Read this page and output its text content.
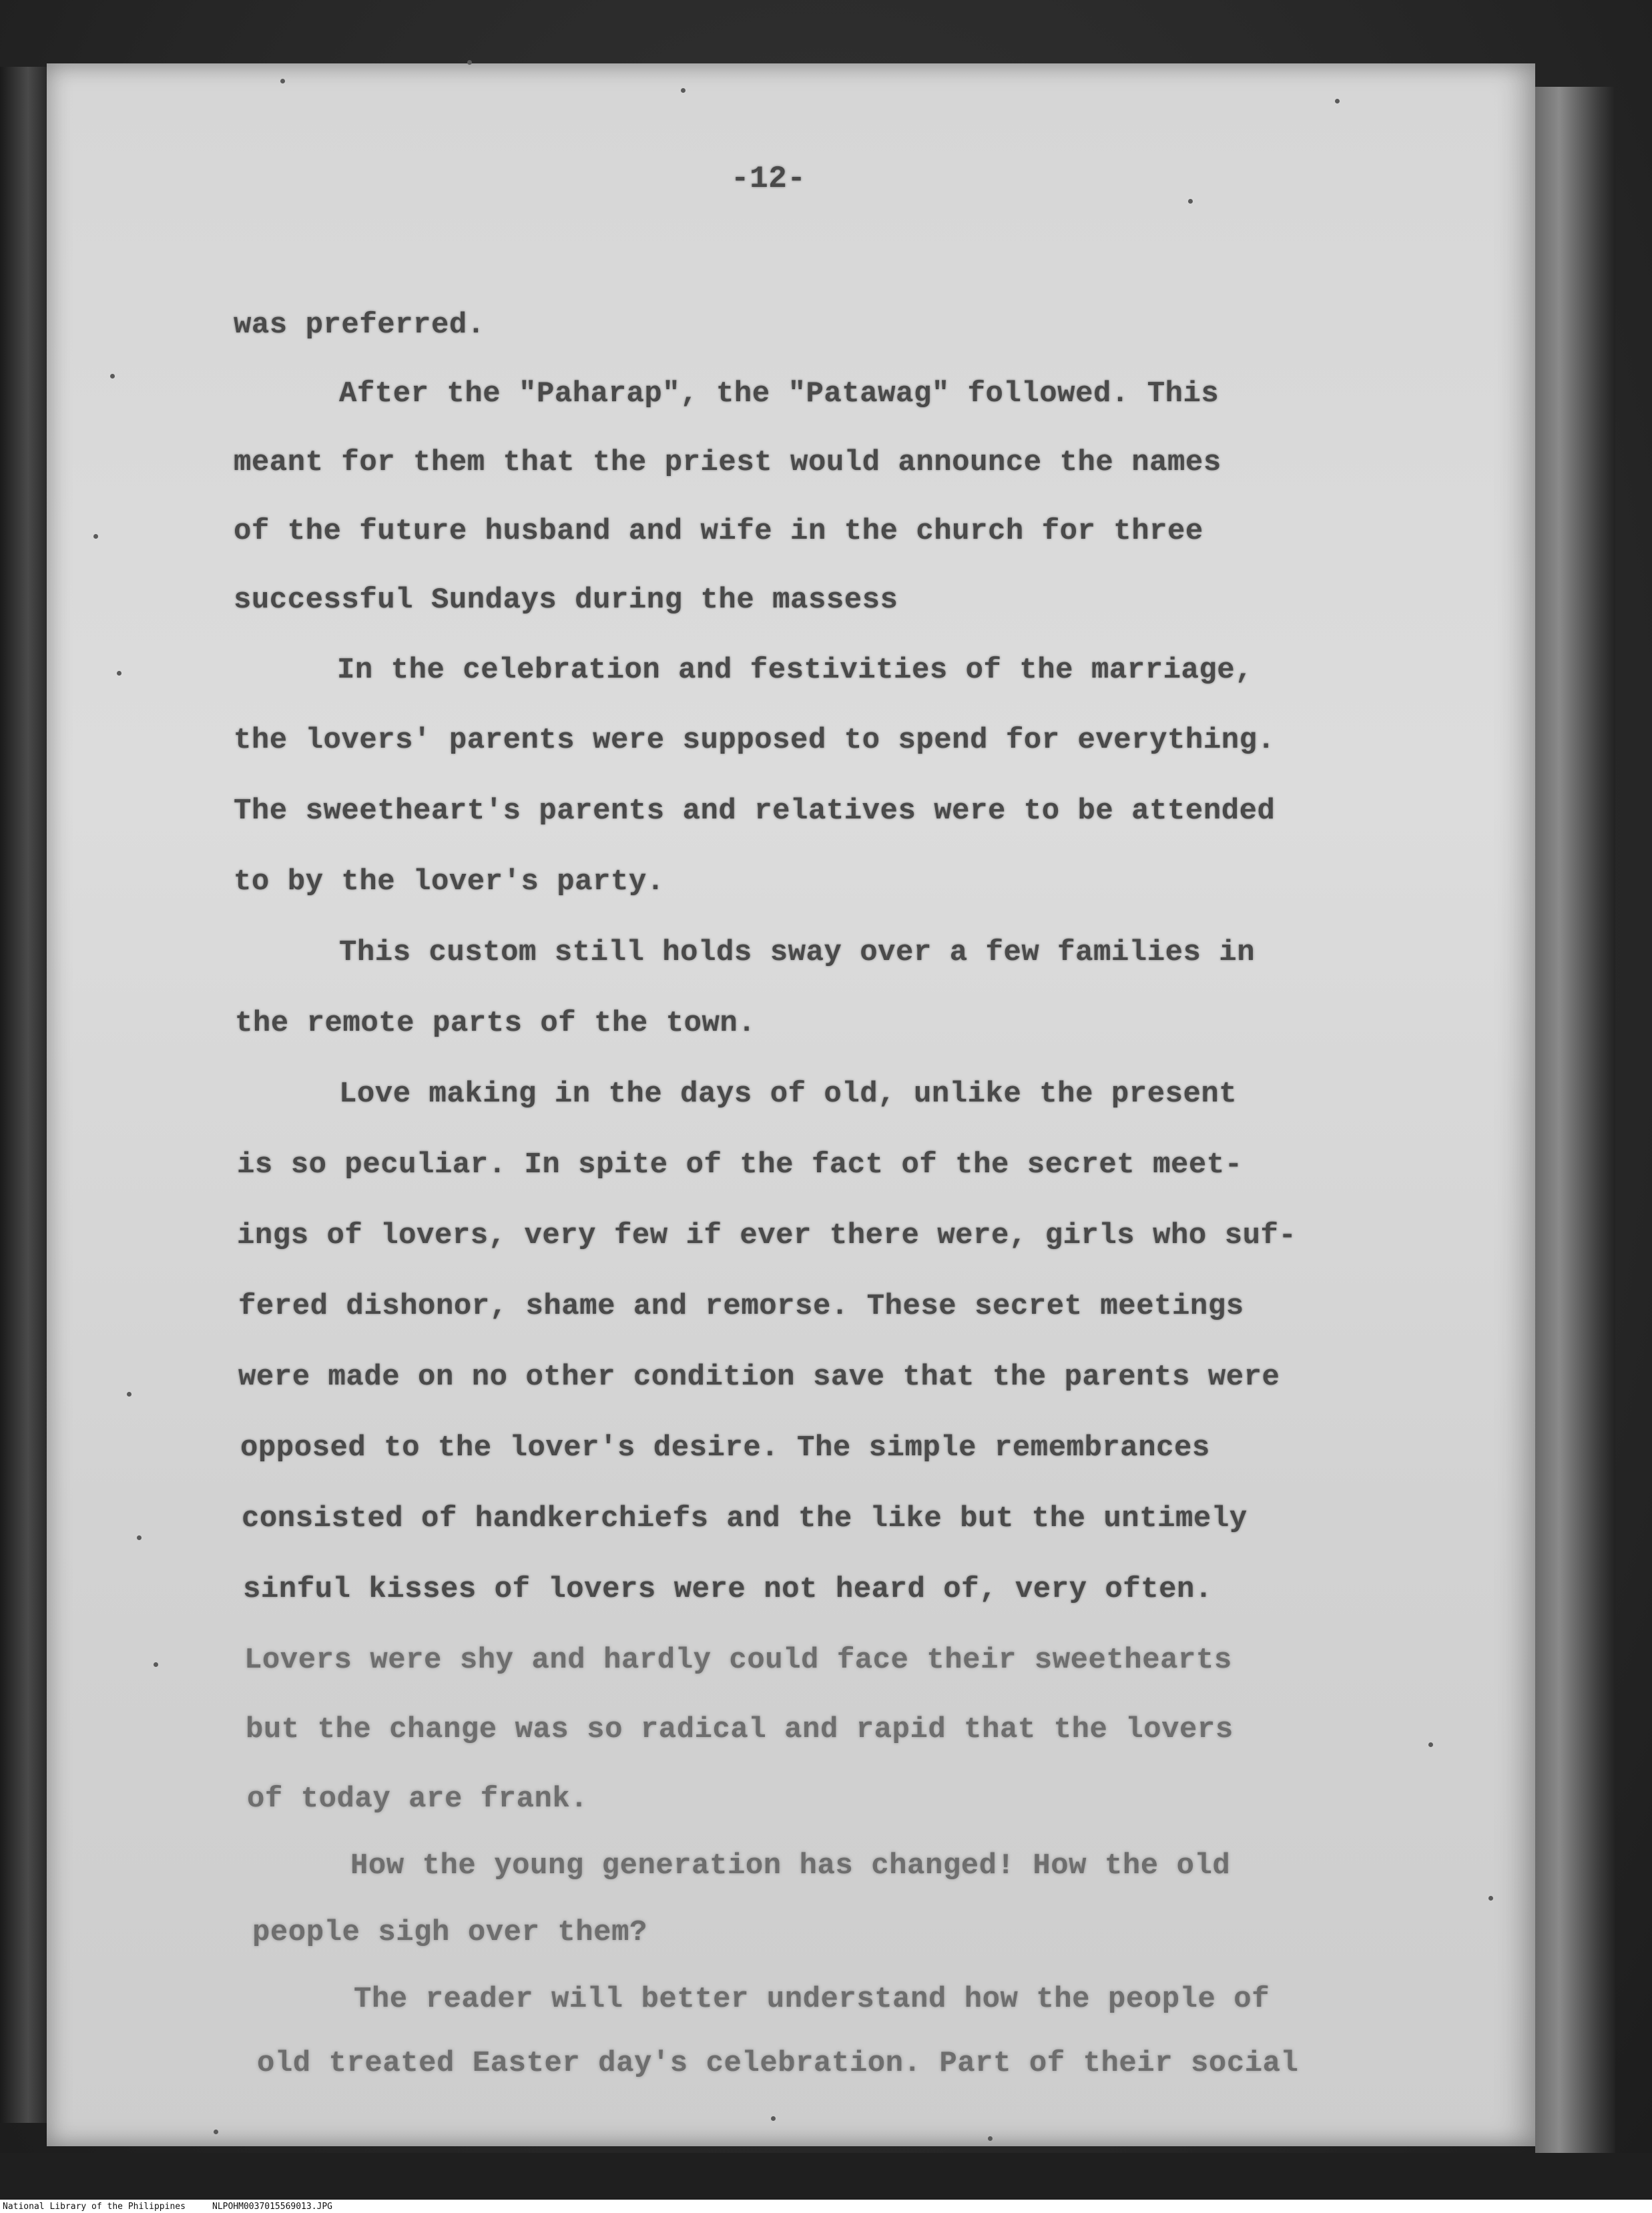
-12-
was preferred.
After the "Paharap", the "Patawag" followed. This
meant for them that the priest would announce the names
of the future husband and wife in the church for three
successful Sundays during the massess
In the celebration and festivities of the marriage,
the lovers' parents were supposed to spend for everything.
The sweetheart's parents and relatives were to be attended
to by the lover's party.
This custom still holds sway over a few families in
the remote parts of the town.
Love making in the days of old, unlike the present
is so peculiar. In spite of the fact of the secret meet-
ings of lovers, very few if ever there were, girls who suf-
fered dishonor, shame and remorse. These secret meetings
were made on no other condition save that the parents were
opposed to the lover's desire. The simple remembrances
consisted of handkerchiefs and the like but the untimely
sinful kisses of lovers were not heard of, very often.
Lovers were shy and hardly could face their sweethearts
but the change was so radical and rapid that the lovers
of today are frank.
How the young generation has changed! How the old
people sigh over them?
The reader will better understand how the people of
old treated Easter day's celebration. Part of their social
National Library of the Philippines	NLPOHM0037015569013.JPG
